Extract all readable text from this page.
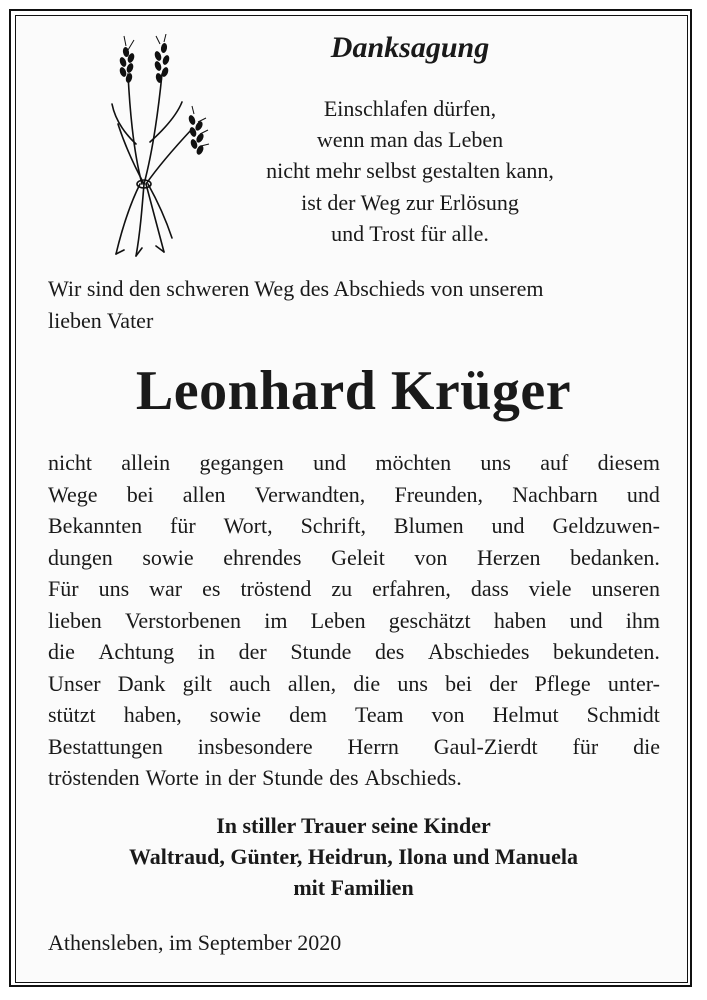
Danksagung
Einschlafen dürfen,
wenn man das Leben
nicht mehr selbst gestalten kann,
ist der Weg zur Erlösung
und Trost für alle.
Wir sind den schweren Weg des Abschieds von unserem
lieben Vater
Leonhard Krüger
nicht allein gegangen und möchten uns auf diesem
Wege bei allen Verwandten, Freunden, Nachbarn und
Bekannten für Wort, Schrift, Blumen und Geldzuwen-
dungen sowie ehrendes Geleit von Herzen bedanken.
Für uns war es tröstend zu erfahren, dass viele unseren
lieben Verstorbenen im Leben geschätzt haben und ihm
die Achtung in der Stunde des Abschiedes bekundeten.
Unser Dank gilt auch allen, die uns bei der Pflege unter-
stützt haben, sowie dem Team von Helmut Schmidt
Bestattungen insbesondere Herrn Gaul-Zierdt für die
tröstenden Worte in der Stunde des Abschieds.
In stiller Trauer seine Kinder
Waltraud, Günter, Heidrun, Ilona und Manuela
mit Familien
Athensleben, im September 2020
